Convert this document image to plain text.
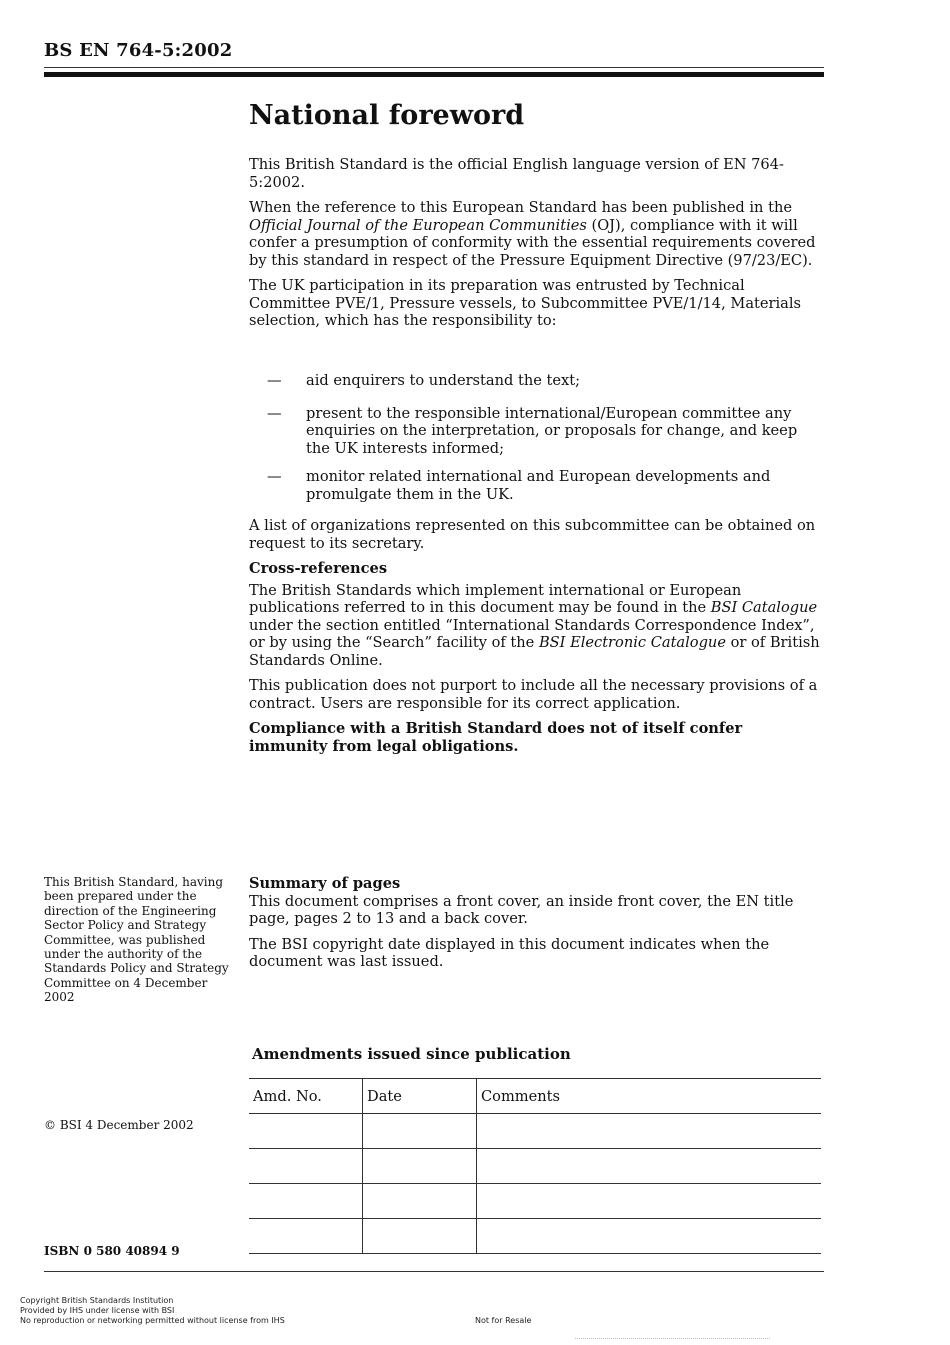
BS EN 764-5:2002
National foreword

This British Standard is the official English language version of EN 764-5:2002.

When the reference to this European Standard has been published in the Official Journal of the European Communities (OJ), compliance with it will confer a presumption of conformity with the essential requirements covered by this standard in respect of the Pressure Equipment Directive (97/23/EC).

The UK participation in its preparation was entrusted by Technical Committee PVE/1, Pressure vessels, to Subcommittee PVE/1/14, Materials selection, which has the responsibility to:

— aid enquirers to understand the text;
— present to the responsible international/European committee any enquiries on the interpretation, or proposals for change, and keep the UK interests informed;
— monitor related international and European developments and promulgate them in the UK.

A list of organizations represented on this subcommittee can be obtained on request to its secretary.

Cross-references

The British Standards which implement international or European publications referred to in this document may be found in the BSI Catalogue under the section entitled “International Standards Correspondence Index”, or by using the “Search” facility of the BSI Electronic Catalogue or of British Standards Online.

This publication does not purport to include all the necessary provisions of a contract. Users are responsible for its correct application.

Compliance with a British Standard does not of itself confer immunity from legal obligations.

This British Standard, having been prepared under the direction of the Engineering Sector Policy and Strategy Committee, was published under the authority of the Standards Policy and Strategy Committee on 4 December 2002

Summary of pages

This document comprises a front cover, an inside front cover, the EN title page, pages 2 to 13 and a back cover.

The BSI copyright date displayed in this document indicates when the document was last issued.

Amendments issued since publication
Amd. No.	Date	Comments

© BSI 4 December 2002
ISBN 0 580 40894 9
Copyright British Standards Institution
Provided by IHS under license with BSI
No reproduction or networking permitted without license from IHS	Not for Resale
